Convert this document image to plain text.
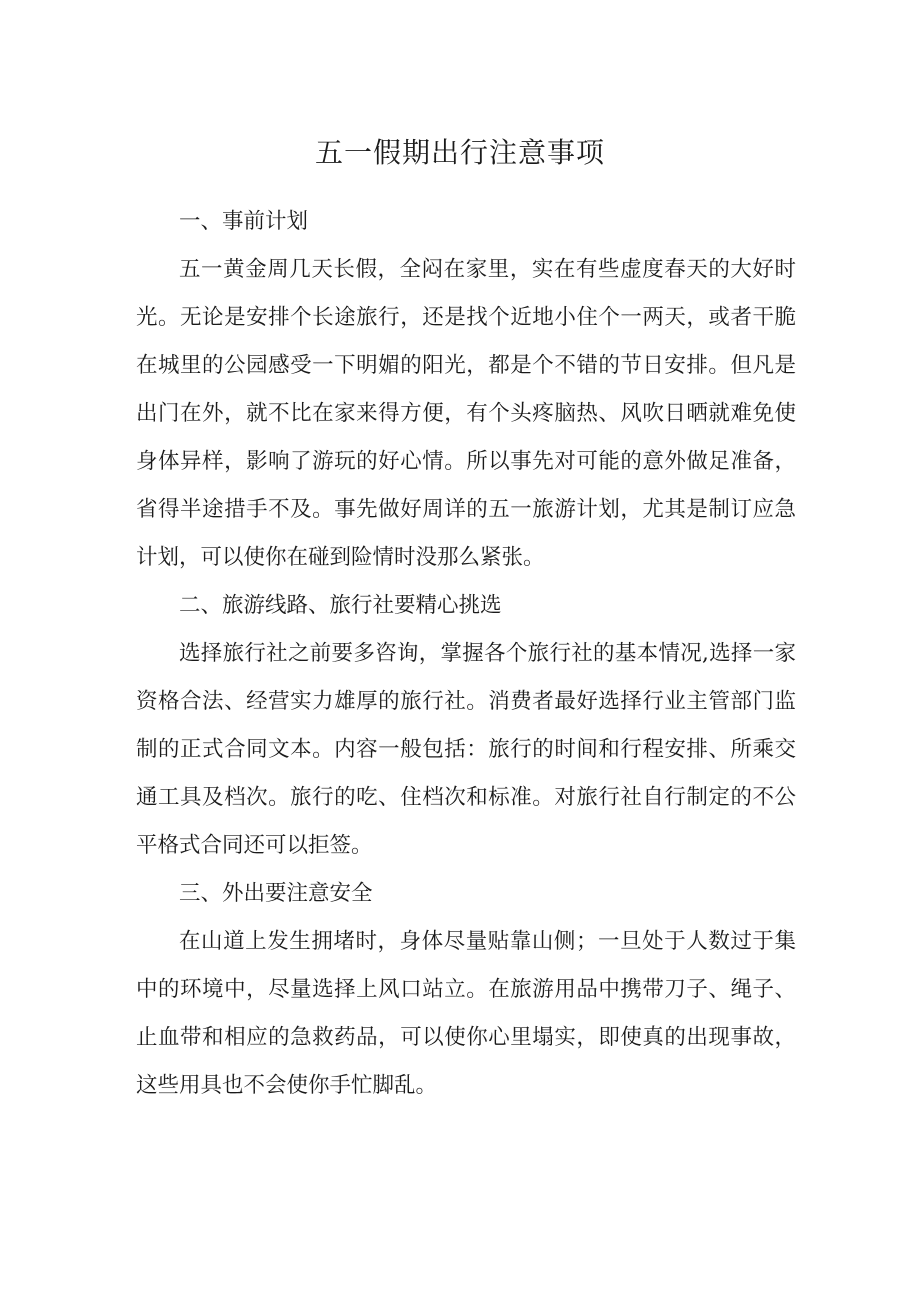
五一假期出行注意事项

一、事前计划

五一黄金周几天长假，全闷在家里，实在有些虚度春天的大好时光。无论是安排个长途旅行，还是找个近地小住个一两天，或者干脆在城里的公园感受一下明媚的阳光，都是个不错的节日安排。但凡是出门在外，就不比在家来得方便，有个头疼脑热、风吹日晒就难免使身体异样，影响了游玩的好心情。所以事先对可能的意外做足准备，省得半途措手不及。事先做好周详的五一旅游计划，尤其是制订应急计划，可以使你在碰到险情时没那么紧张。

二、旅游线路、旅行社要精心挑选

选择旅行社之前要多咨询，掌握各个旅行社的基本情况,选择一家资格合法、经营实力雄厚的旅行社。消费者最好选择行业主管部门监制的正式合同文本。内容一般包括：旅行的时间和行程安排、所乘交通工具及档次。旅行的吃、住档次和标准。对旅行社自行制定的不公平格式合同还可以拒签。

三、外出要注意安全

在山道上发生拥堵时，身体尽量贴靠山侧；一旦处于人数过于集中的环境中，尽量选择上风口站立。在旅游用品中携带刀子、绳子、止血带和相应的急救药品，可以使你心里塌实，即使真的出现事故，这些用具也不会使你手忙脚乱。
